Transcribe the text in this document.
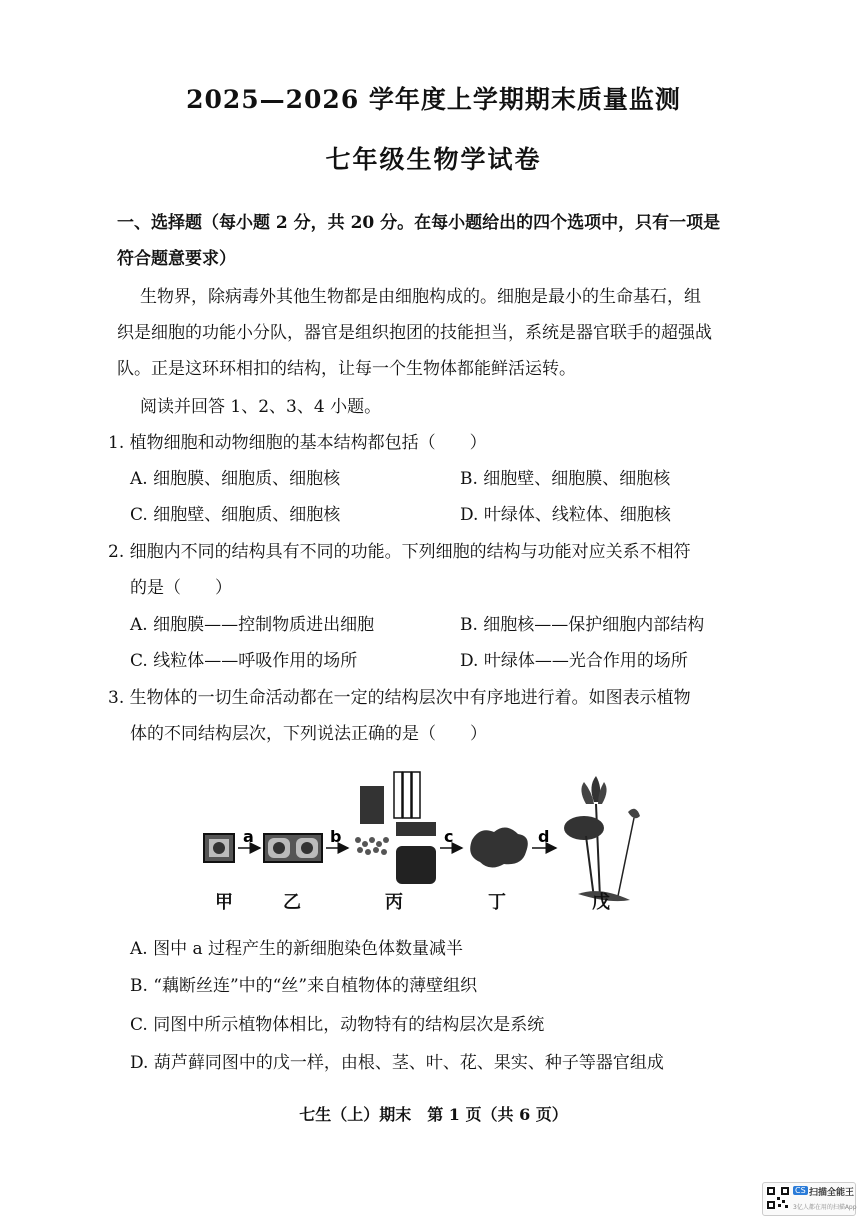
2025—2026 学年度上学期期末质量监测
七年级生物学试卷
一、选择题（每小题 2 分，共 20 分。在每小题给出的四个选项中，只有一项是
符合题意要求）
生物界，除病毒外其他生物都是由细胞构成的。细胞是最小的生命基石，组
织是细胞的功能小分队，器官是组织抱团的技能担当，系统是器官联手的超强战
队。正是这环环相扣的结构，让每一个生物体都能鲜活运转。
阅读并回答 1、2、3、4 小题。
1. 植物细胞和动物细胞的基本结构都包括（　　）
A. 细胞膜、细胞质、细胞核	B. 细胞壁、细胞膜、细胞核
C. 细胞壁、细胞质、细胞核	D. 叶绿体、线粒体、细胞核
2. 细胞内不同的结构具有不同的功能。下列细胞的结构与功能对应关系不相符
的是（　　）
A. 细胞膜——控制物质进出细胞	B. 细胞核——保护细胞内部结构
C. 线粒体——呼吸作用的场所	D. 叶绿体——光合作用的场所
3. 生物体的一切生命活动都在一定的结构层次中有序地进行着。如图表示植物
体的不同结构层次，下列说法正确的是（　　）
a	b	c	d
甲	乙	丙	丁	戊
A. 图中 a 过程产生的新细胞染色体数量减半
B. “藕断丝连”中的“丝”来自植物体的薄壁组织
C. 同图中所示植物体相比，动物特有的结构层次是系统
D. 葫芦藓同图中的戊一样，由根、茎、叶、花、果实、种子等器官组成
七生（上）期末　第 1 页（共 6 页）
CS 扫描全能王
3亿人都在用的扫描App
